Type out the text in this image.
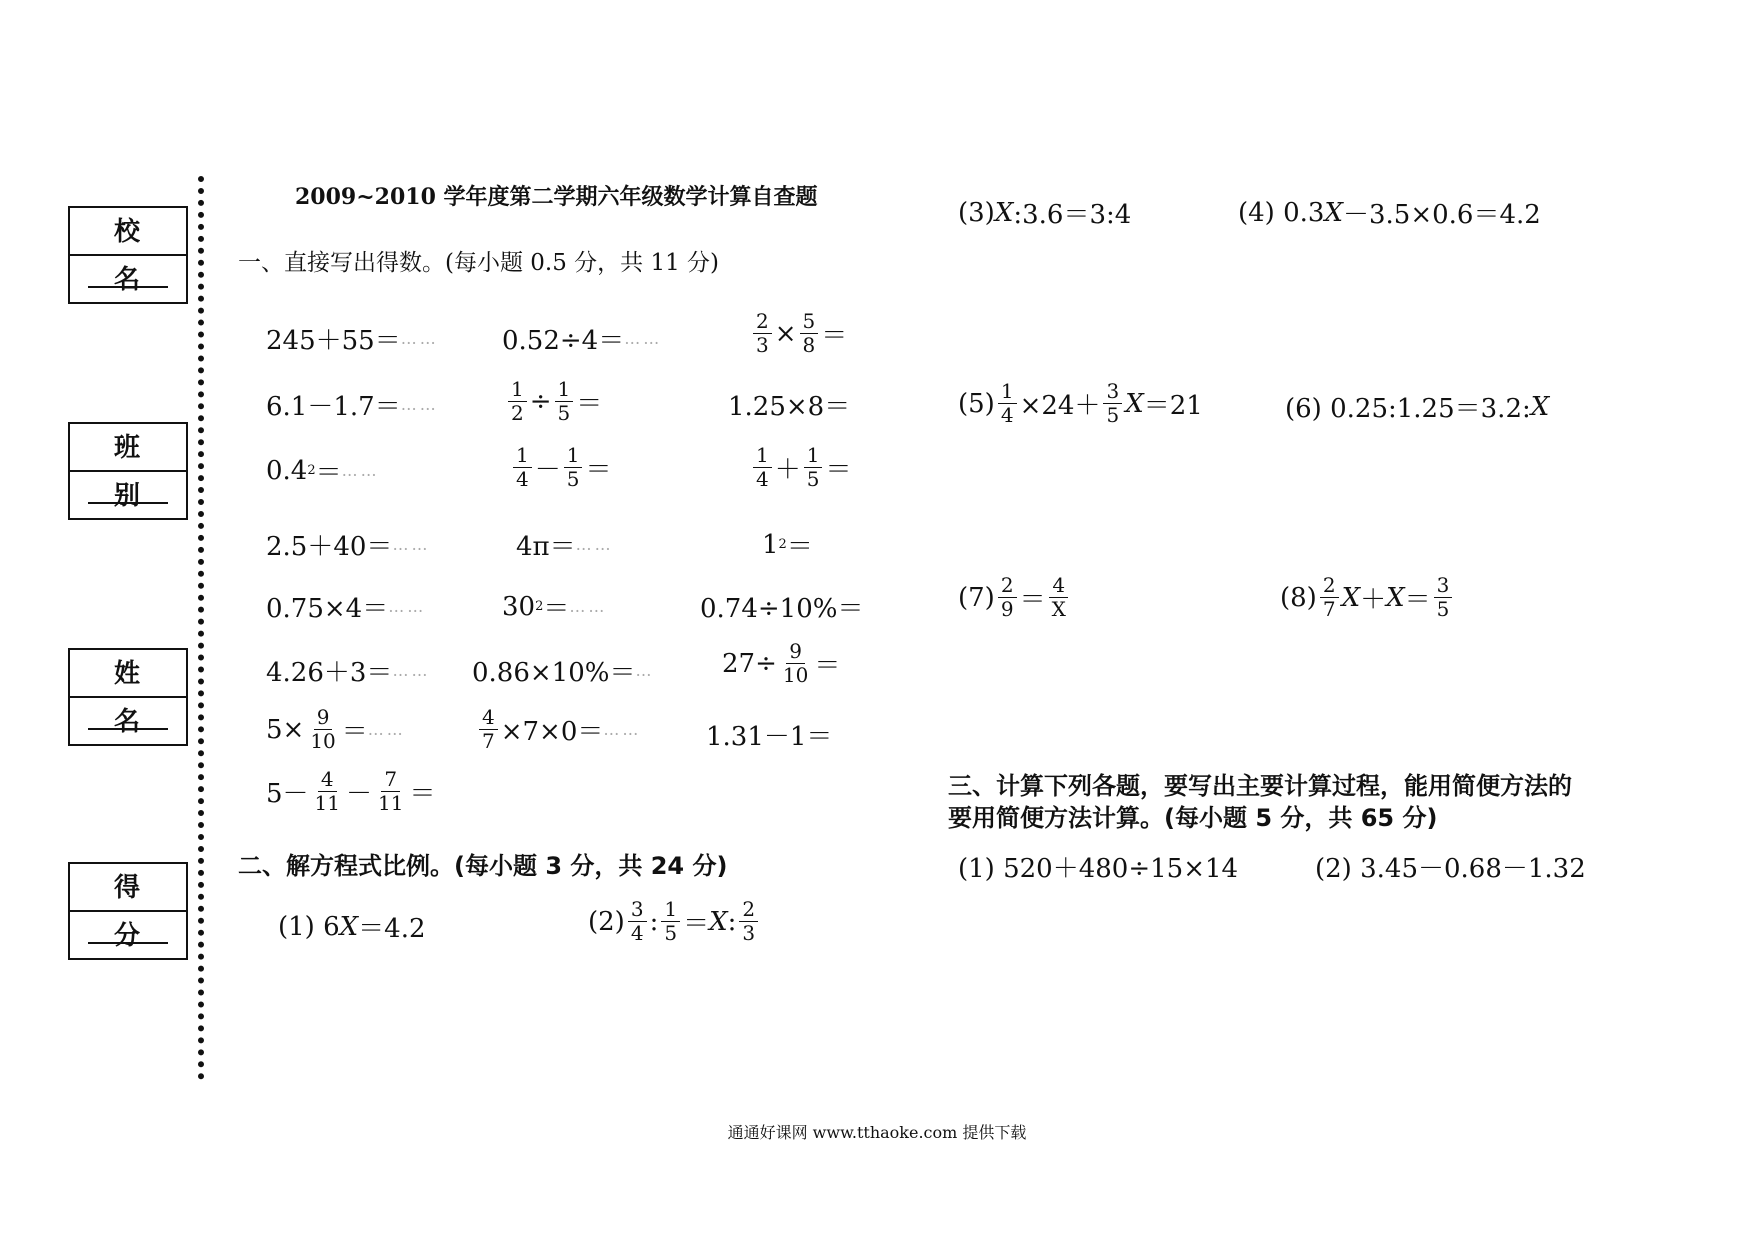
校 名
班 别
姓 名
得 分
2009~2010 学年度第二学期六年级数学计算自查题
一、直接写出得数。(每小题 0.5 分，共 11 分)
245＋55＝ …… 0.52÷4＝ ……	$\frac{2}{3} \times \frac{5}{8}$ ＝
6.1－1.7＝ ……	$\frac{1}{2} \div \frac{1}{5}$ ＝	1.25×8＝
0.4 2 ＝ ……	$\frac{1}{4} - \frac{1}{5}$ ＝	$\frac{1}{4} + \frac{1}{5}$ ＝
2.5＋40＝ ……	4π＝ ……	1 2 ＝
0.75×4＝ ……	30 2 ＝ ……	0.74÷10%＝
4.26＋3＝ …… 0.86×10%＝ …	$27\div \frac{9}{10}$ ＝
$5\times \frac{9}{10}$ ＝ ……	$\frac{4}{7} \times 7\times 0=$ …… 1.31－1＝
$5- \frac{4}{11} - \frac{7}{11}$ ＝
二、解方程式比例。(每小题 3 分，共 24 分)
(1) 6 X ＝4.2	$(2) \frac{3}{4}$ : $\frac{1}{5} = X$ : $\frac{2}{3}$
(3) X :3.6＝3:4	(4) 0.3 X －3.5×0.6＝4.2
$(5) \frac{1}{4} \times 24+ \frac{3}{5}$ X ＝21	(6) 0.25:1.25＝3.2: X
$(7) \frac{2}{9} = \frac{4}{X}$	$(8) \frac{2}{7}$ $X + X = \frac{3}{5}$
三、计算下列各题，要写出主要计算过程，能用简便方法的
要用简便方法计算。(每小题 5 分，共 65 分)
(1) 520＋480÷15×14	(2) 3.45－0.68－1.32
通通好课网 www.tthaoke.com 提供下载
